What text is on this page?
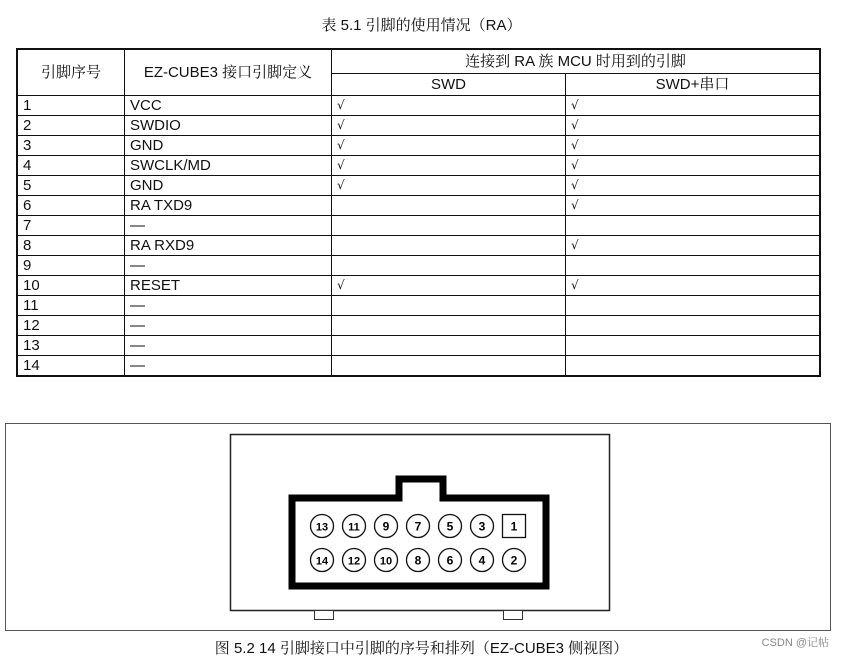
表 5.1 引脚的使用情况（RA）
引脚序号	EZ-CUBE3 接口引脚定义	连接到 RA 族 MCU 时用到的引脚	
		SWD	SWD+串口
1	VCC	√	√
2	SWDIO	√	√
3	GND	√	√
4	SWCLK/MD	√	√
5	GND	√	√
6	RA TXD9		√
7	—		
8	RA RXD9		√
9	—		
10	RESET	√	√
11	—		
12	—		
13	—		
14	—		
13 11 9 7 5 3 1
14 12 10 8 6 4 2
图 5.2 14 引脚接口中引脚的序号和排列（EZ-CUBE3 侧视图）	CSDN @记帖
